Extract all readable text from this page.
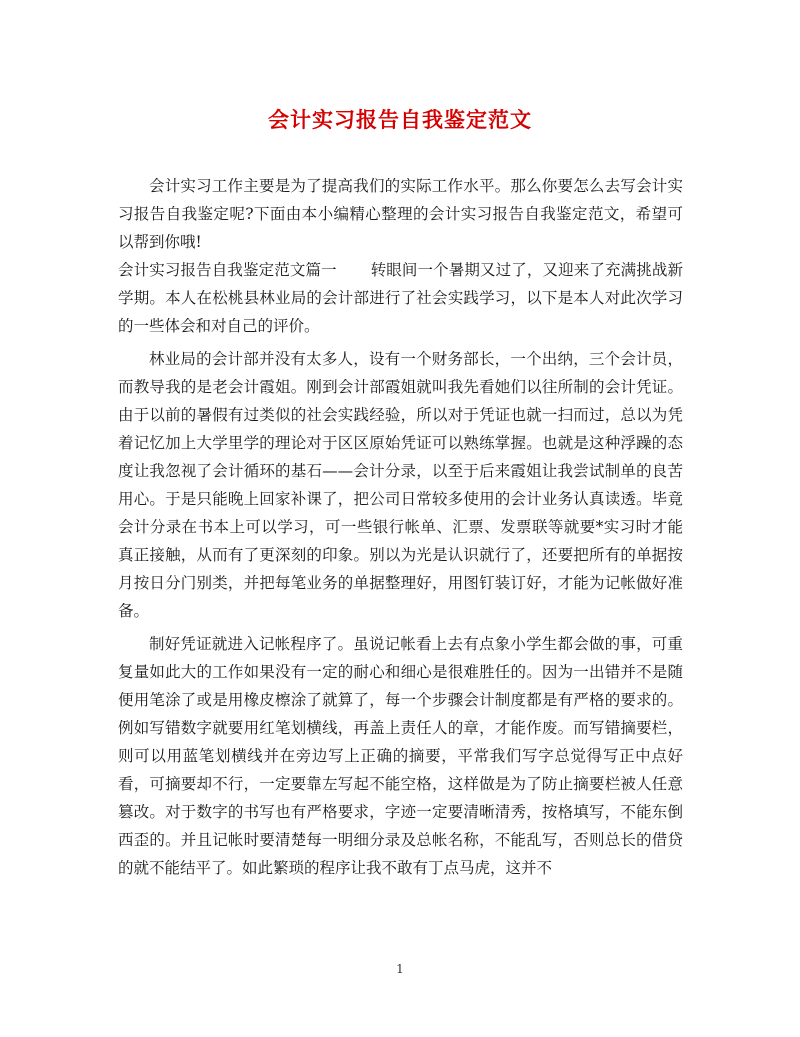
会计实习报告自我鉴定范文

会计实习工作主要是为了提高我们的实际工作水平。那么你要怎么去写会计实习报告自我鉴定呢?下面由本小编精心整理的会计实习报告自我鉴定范文，希望可以帮到你哦!

会计实习报告自我鉴定范文篇一 转眼间一个暑期又过了，又迎来了充满挑战新学期。本人在松桃县林业局的会计部进行了社会实践学习，以下是本人对此次学习的一些体会和对自己的评价。

林业局的会计部并没有太多人，设有一个财务部长，一个出纳，三个会计员，而教导我的是老会计霞姐。刚到会计部霞姐就叫我先看她们以往所制的会计凭证。由于以前的暑假有过类似的社会实践经验，所以对于凭证也就一扫而过，总以为凭着记忆加上大学里学的理论对于区区原始凭证可以熟练掌握。也就是这种浮躁的态度让我忽视了会计循环的基石——会计分录，以至于后来霞姐让我尝试制单的良苦用心。于是只能晚上回家补课了，把公司日常较多使用的会计业务认真读透。毕竟会计分录在书本上可以学习，可一些银行帐单、汇票、发票联等就要*实习时才能真正接触，从而有了更深刻的印象。别以为光是认识就行了，还要把所有的单据按月按日分门别类，并把每笔业务的单据整理好，用图钉装订好，才能为记帐做好准备。

制好凭证就进入记帐程序了。虽说记帐看上去有点象小学生都会做的事，可重复量如此大的工作如果没有一定的耐心和细心是很难胜任的。因为一出错并不是随便用笔涂了或是用橡皮檫涂了就算了，每一个步骤会计制度都是有严格的要求的。例如写错数字就要用红笔划横线，再盖上责任人的章，才能作废。而写错摘要栏，则可以用蓝笔划横线并在旁边写上正确的摘要，平常我们写字总觉得写正中点好看，可摘要却不行，一定要靠左写起不能空格，这样做是为了防止摘要栏被人任意篡改。对于数字的书写也有严格要求，字迹一定要清晰清秀，按格填写，不能东倒西歪的。并且记帐时要清楚每一明细分录及总帐名称，不能乱写，否则总长的借贷的就不能结平了。如此繁琐的程序让我不敢有丁点马虎，这并不

1
